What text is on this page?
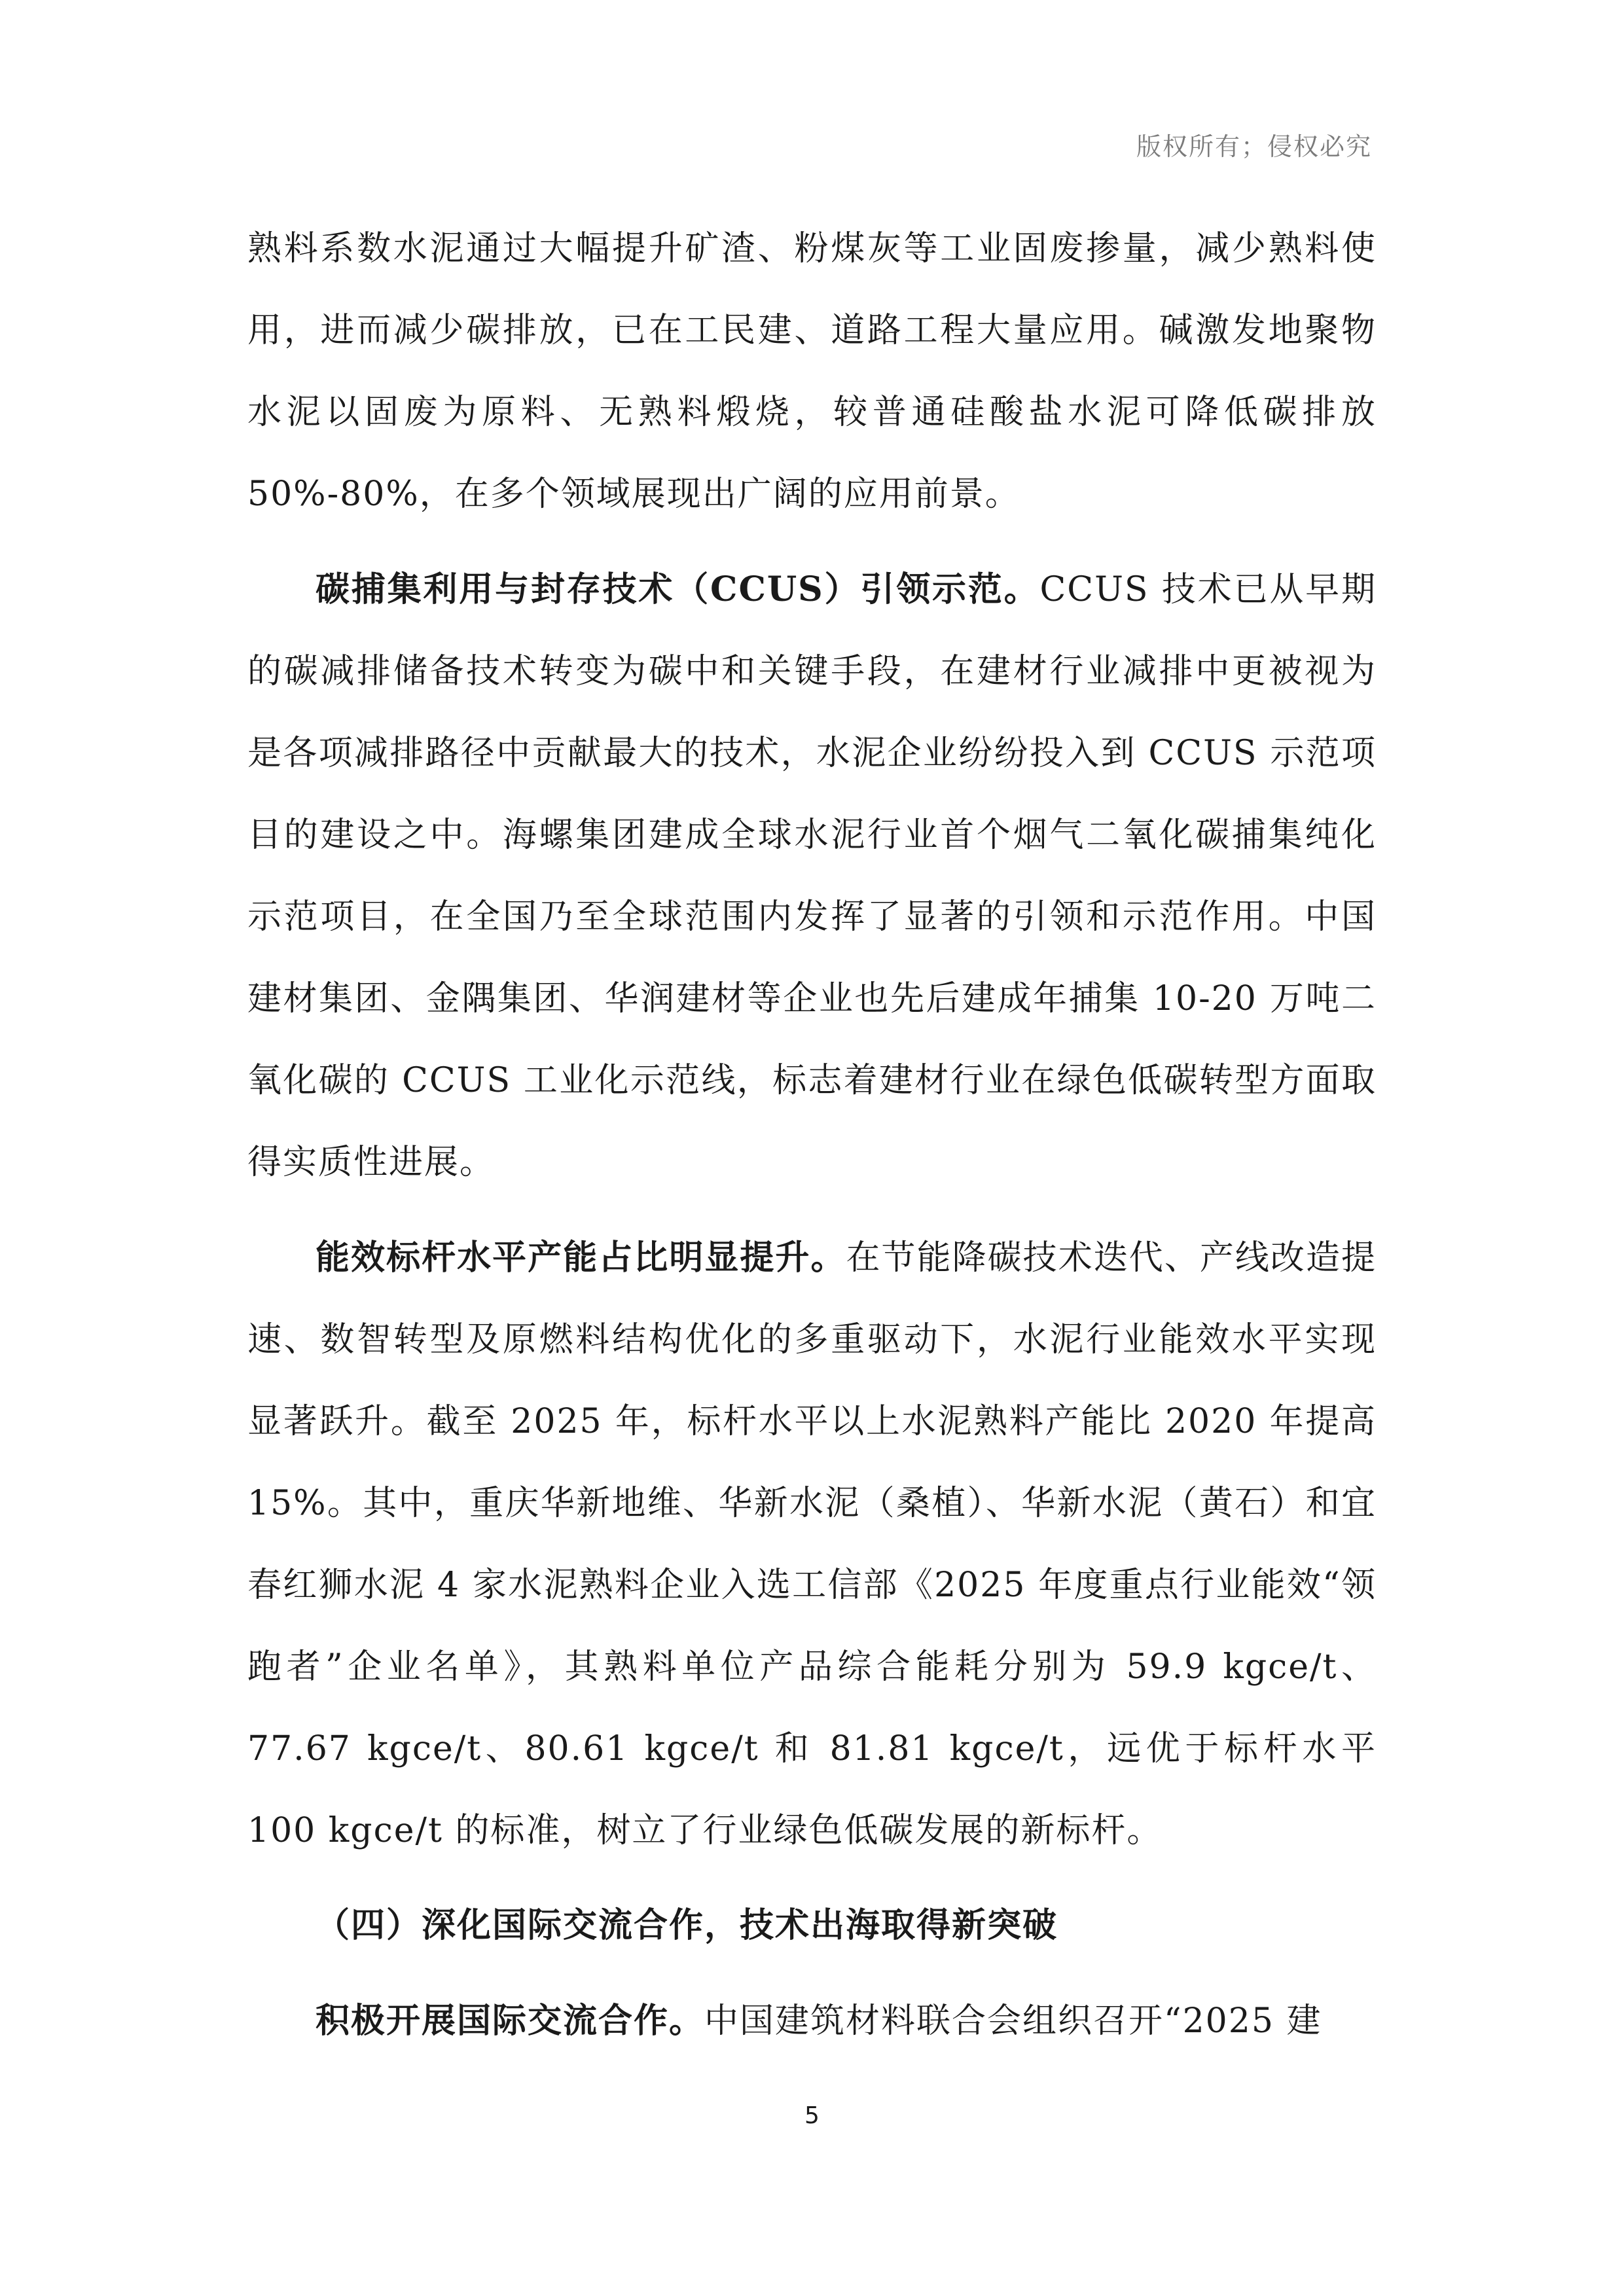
版权所有；侵权必究

熟料系数水泥通过大幅提升矿渣、粉煤灰等工业固废掺量，减少熟料使用，进而减少碳排放，已在工民建、道路工程大量应用。碱激发地聚物水泥以固废为原料、无熟料煅烧，较普通硅酸盐水泥可降低碳排放 50%-80%，在多个领域展现出广阔的应用前景。

碳捕集利用与封存技术（CCUS）引领示范。CCUS 技术已从早期的碳减排储备技术转变为碳中和关键手段，在建材行业减排中更被视为是各项减排路径中贡献最大的技术，水泥企业纷纷投入到 CCUS 示范项目的建设之中。海螺集团建成全球水泥行业首个烟气二氧化碳捕集纯化示范项目，在全国乃至全球范围内发挥了显著的引领和示范作用。中国建材集团、金隅集团、华润建材等企业也先后建成年捕集 10-20 万吨二氧化碳的 CCUS 工业化示范线，标志着建材行业在绿色低碳转型方面取得实质性进展。

能效标杆水平产能占比明显提升。在节能降碳技术迭代、产线改造提速、数智转型及原燃料结构优化的多重驱动下，水泥行业能效水平实现显著跃升。截至 2025 年，标杆水平以上水泥熟料产能比 2020 年提高 15%。其中，重庆华新地维、华新水泥（桑植）、华新水泥（黄石）和宜春红狮水泥 4 家水泥熟料企业入选工信部《2025 年度重点行业能效“领跑者”企业名单》，其熟料单位产品综合能耗分别为 59.9 kgce/t、77.67 kgce/t、80.61 kgce/t 和 81.81 kgce/t，远优于标杆水平 100 kgce/t 的标准，树立了行业绿色低碳发展的新标杆。

（四）深化国际交流合作，技术出海取得新突破

积极开展国际交流合作。中国建筑材料联合会组织召开“2025 建

5
